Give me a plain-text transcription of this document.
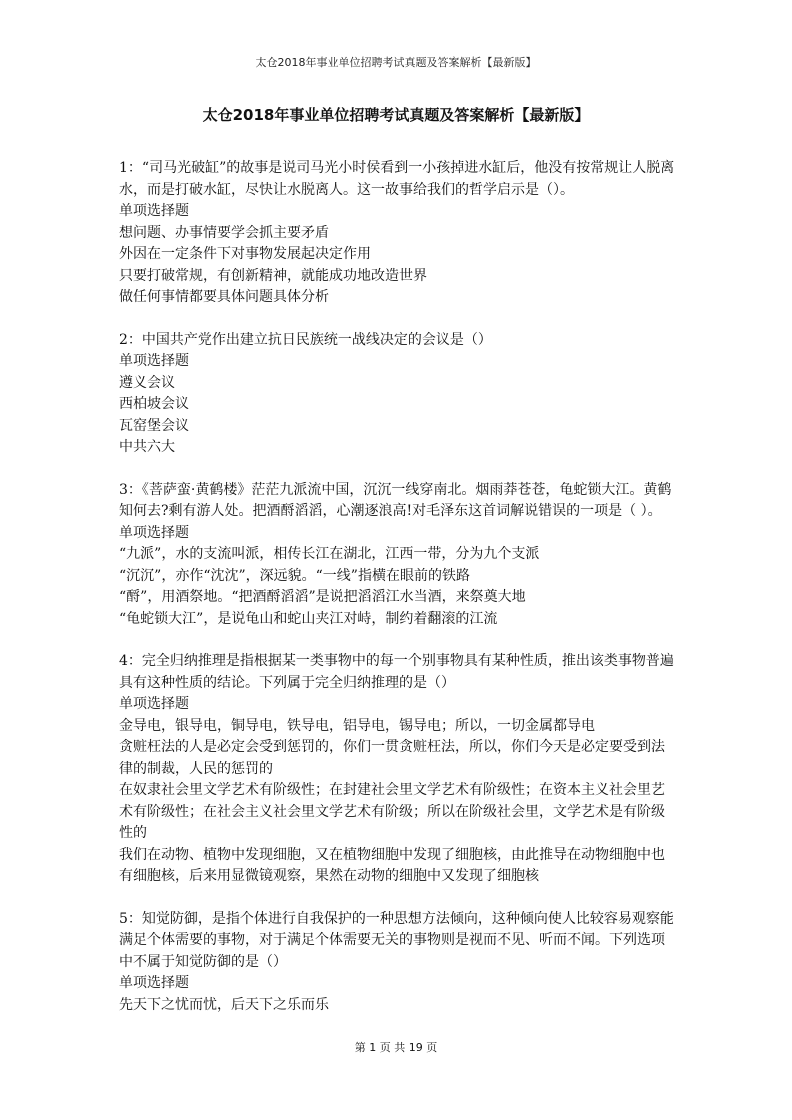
太仓2018年事业单位招聘考试真题及答案解析【最新版】
太仓2018年事业单位招聘考试真题及答案解析【最新版】

1：“司马光破缸”的故事是说司马光小时侯看到一小孩掉进水缸后，他没有按常规让人脱离水，而是打破水缸，尽快让水脱离人。这一故事给我们的哲学启示是（）。

单项选择题

想问题、办事情要学会抓主要矛盾

外因在一定条件下对事物发展起决定作用

只要打破常规，有创新精神，就能成功地改造世界

做任何事情都要具体问题具体分析

2：中国共产党作出建立抗日民族统一战线决定的会议是（）

单项选择题

遵义会议

西柏坡会议

瓦窑堡会议

中共六大

3：《菩萨蛮·黄鹤楼》茫茫九派流中国，沉沉一线穿南北。烟雨莽苍苍，龟蛇锁大江。黄鹤知何去?剩有游人处。把酒酹滔滔，心潮逐浪高!对毛泽东这首词解说错误的一项是（ ）。

单项选择题

“九派”，水的支流叫派，相传长江在湖北，江西一带，分为九个支派

“沉沉”，亦作“沈沈”，深远貌。“一线”指横在眼前的铁路

“酹”，用酒祭地。“把酒酹滔滔”是说把滔滔江水当酒，来祭奠大地

“龟蛇锁大江”，是说龟山和蛇山夹江对峙，制约着翻滚的江流

4：完全归纳推理是指根据某一类事物中的每一个别事物具有某种性质，推出该类事物普遍具有这种性质的结论。下列属于完全归纳推理的是（）

单项选择题

金导电，银导电，铜导电，铁导电，铝导电，锡导电；所以，一切金属都导电

贪赃枉法的人是必定会受到惩罚的，你们一贯贪赃枉法，所以，你们今天是必定要受到法律的制裁，人民的惩罚的

在奴隶社会里文学艺术有阶级性；在封建社会里文学艺术有阶级性；在资本主义社会里艺术有阶级性；在社会主义社会里文学艺术有阶级；所以在阶级社会里，文学艺术是有阶级性的

我们在动物、植物中发现细胞，又在植物细胞中发现了细胞核，由此推导在动物细胞中也有细胞核，后来用显微镜观察，果然在动物的细胞中又发现了细胞核

5：知觉防御，是指个体进行自我保护的一种思想方法倾向，这种倾向使人比较容易观察能满足个体需要的事物，对于满足个体需要无关的事物则是视而不见、听而不闻。下列选项中不属于知觉防御的是（）

单项选择题

先天下之忧而忧，后天下之乐而乐

第 1 页 共 19 页
